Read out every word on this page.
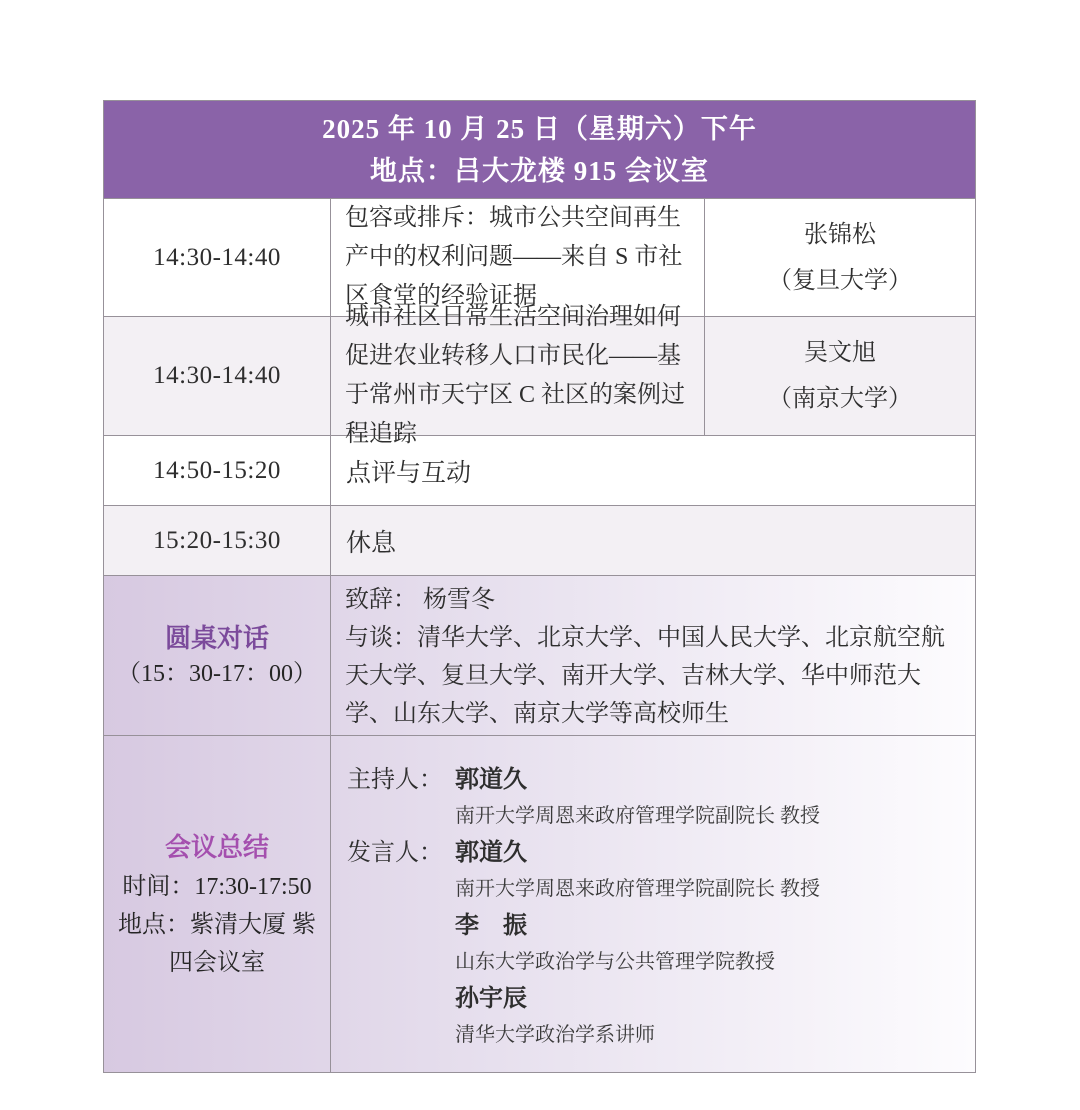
2025 年 10 月 25 日（星期六）下午
地点：吕大龙楼 915 会议室
14:30-14:40
包容或排斥：城市公共空间再生产中的权利问题——来自 S 市社区食堂的经验证据
张锦松
（复旦大学）
14:30-14:40
城市社区日常生活空间治理如何促进农业转移人口市民化——基于常州市天宁区 C 社区的案例过程追踪
吴文旭
（南京大学）
14:50-15:20	点评与互动
15:20-15:30	休息
圆桌对话
（15：30-17：00）
致辞： 杨雪冬
与谈：清华大学、北京大学、中国人民大学、北京航空航天大学、复旦大学、南开大学、吉林大学、华中师范大学、山东大学、南京大学等高校师生
会议总结
时间：17:30-17:50
地点：紫清大厦 紫
四会议室
主持人： 郭道久
南开大学周恩来政府管理学院副院长 教授
发言人： 郭道久
南开大学周恩来政府管理学院副院长 教授
李　振
山东大学政治学与公共管理学院教授
孙宇辰
清华大学政治学系讲师
